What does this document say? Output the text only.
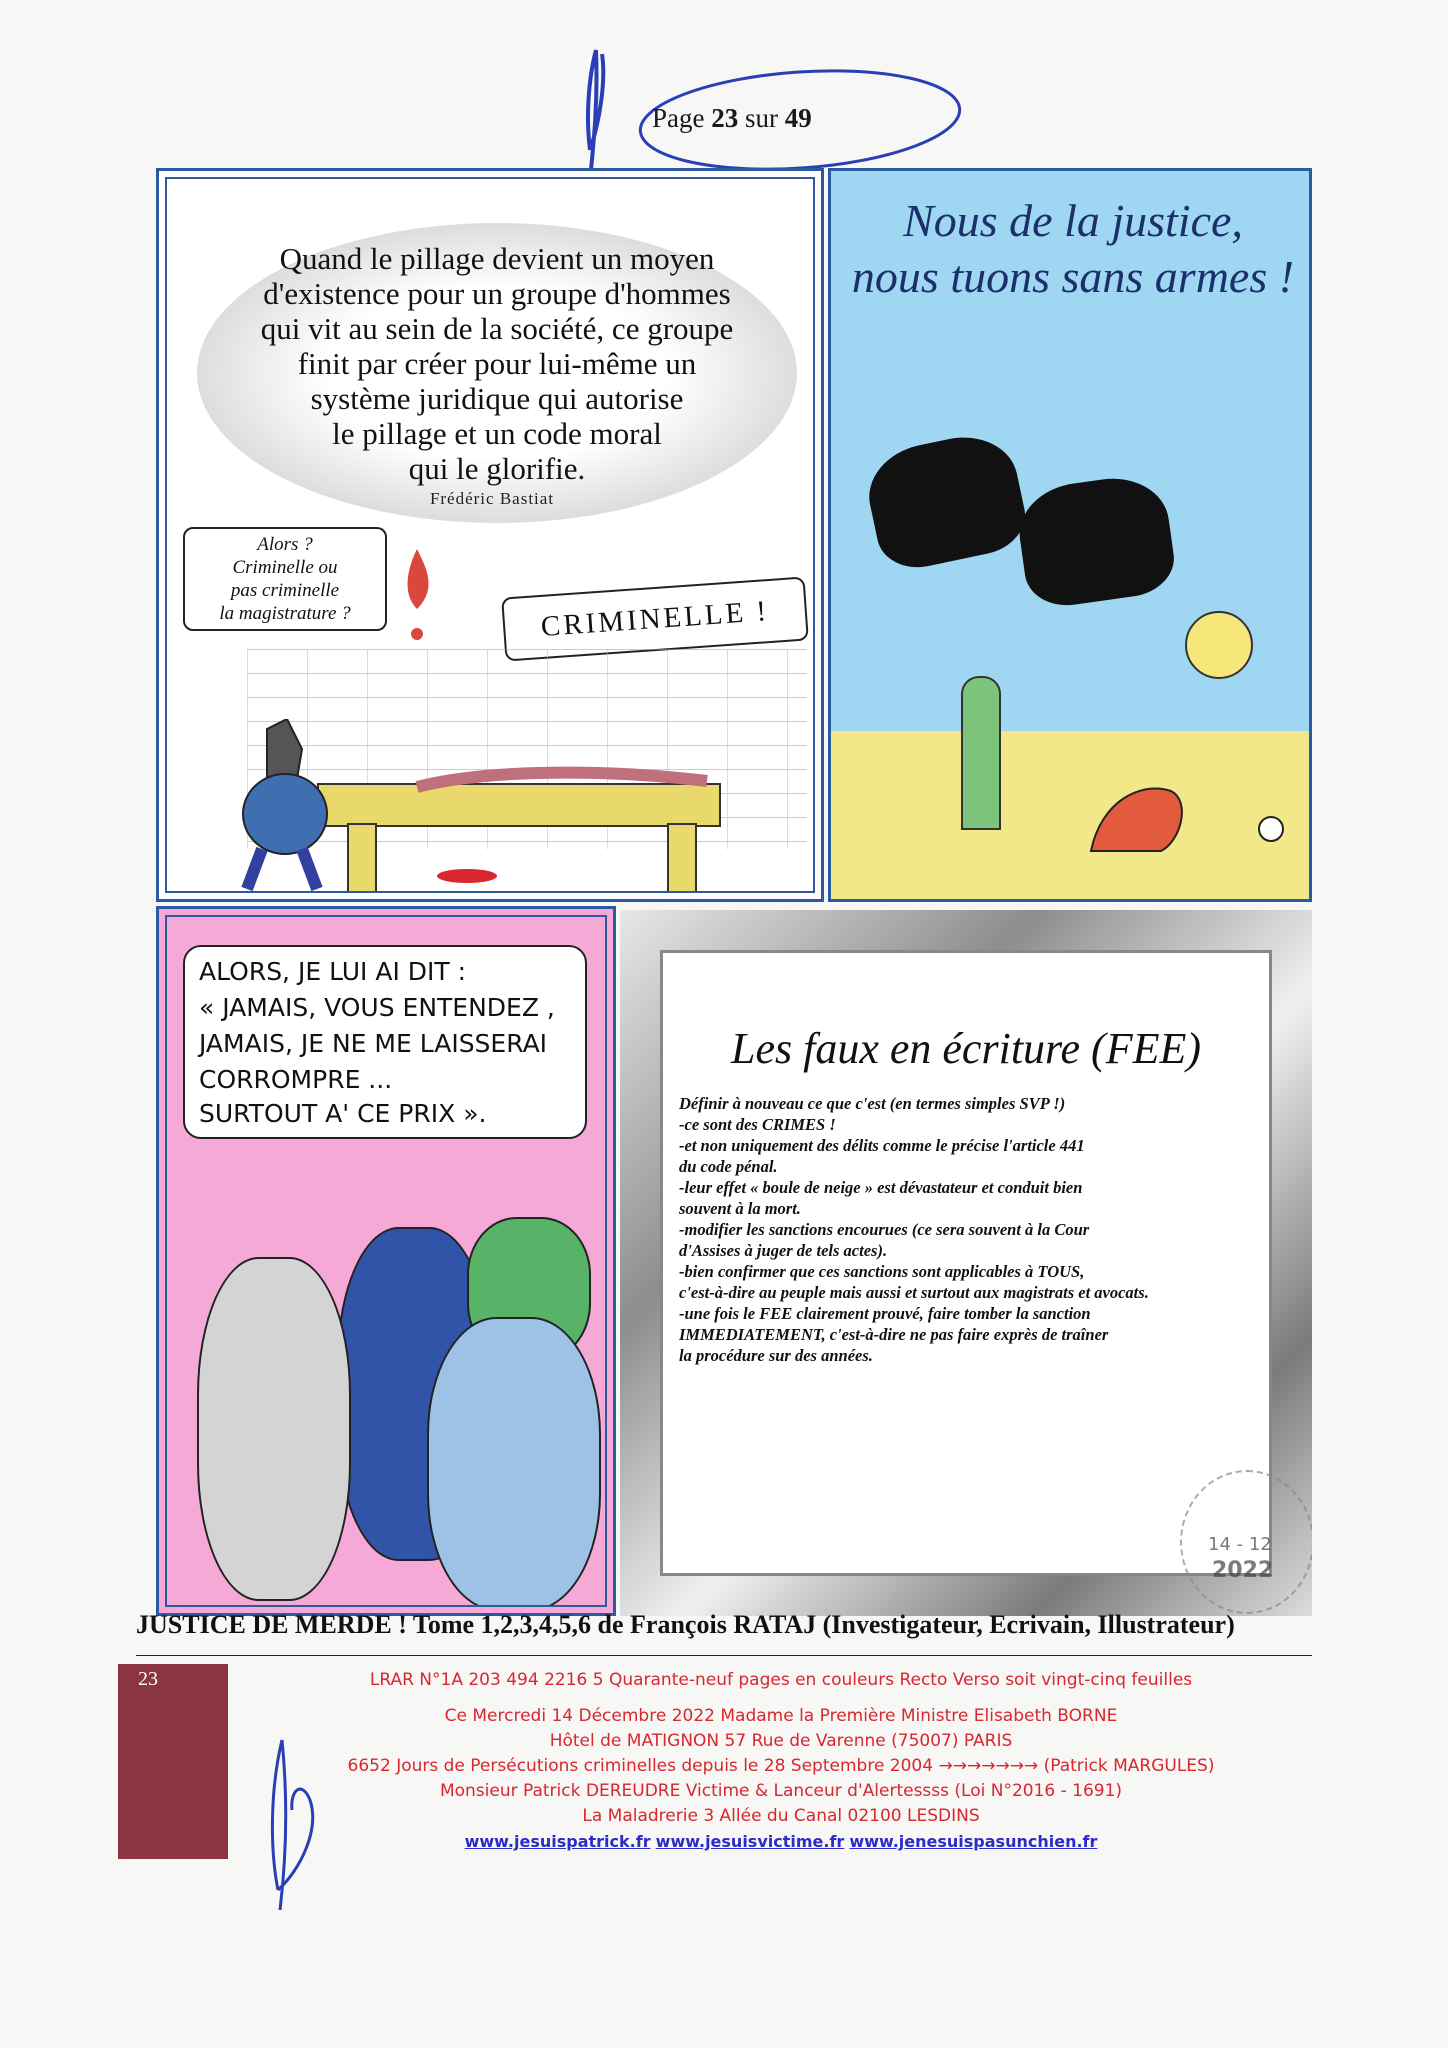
Page 23 sur 49
Quand le pillage devient un moyen
d'existence pour un groupe d'hommes
qui vit au sein de la société, ce groupe
finit par créer pour lui-même un
système juridique qui autorise
le pillage et un code moral
qui le glorifie.
Frédéric Bastiat
Alors ?
Criminelle ou
pas criminelle
la magistrature ?	CRIMINELLE !
Nous de la justice,
nous tuons sans armes !
ALORS, JE LUI AI DIT :
« JAMAIS, VOUS ENTENDEZ ,
JAMAIS, JE NE ME LAISSERAI
CORROMPRE ...
SURTOUT A' CE PRIX ».
Les faux en écriture (FEE)
Définir à nouveau ce que c'est (en termes simples SVP !)
-ce sont des CRIMES !
-et non uniquement des délits comme le précise l'article 441
du code pénal.
-leur effet « boule de neige » est dévastateur et conduit bien
souvent à la mort.
-modifier les sanctions encourues (ce sera souvent à la Cour
d'Assises à juger de tels actes).
-bien confirmer que ces sanctions sont applicables à TOUS,
c'est-à-dire au peuple mais aussi et surtout aux magistrats et avocats.
-une fois le FEE clairement prouvé, faire tomber la sanction
IMMEDIATEMENT, c'est-à-dire ne pas faire exprès de traîner
la procédure sur des années.
14 - 12
2022
JUSTICE DE MERDE ! Tome 1,2,3,4,5,6 de François RATAJ (Investigateur, Ecrivain, Illustrateur)
23	LRAR N°1A 203 494 2216 5 Quarante-neuf pages en couleurs Recto Verso soit vingt-cinq feuilles
Ce Mercredi 14 Décembre 2022 Madame la Première Ministre Elisabeth BORNE
Hôtel de MATIGNON 57 Rue de Varenne (75007) PARIS
6652 Jours de Persécutions criminelles depuis le 28 Septembre 2004 →→→→→→→ (Patrick MARGULES)
Monsieur Patrick DEREUDRE Victime & Lanceur d'Alertessss (Loi N°2016 - 1691)
La Maladrerie 3 Allée du Canal 02100 LESDINS
www.jesuispatrick.fr www.jesuisvictime.fr www.jenesuispasunchien.fr
